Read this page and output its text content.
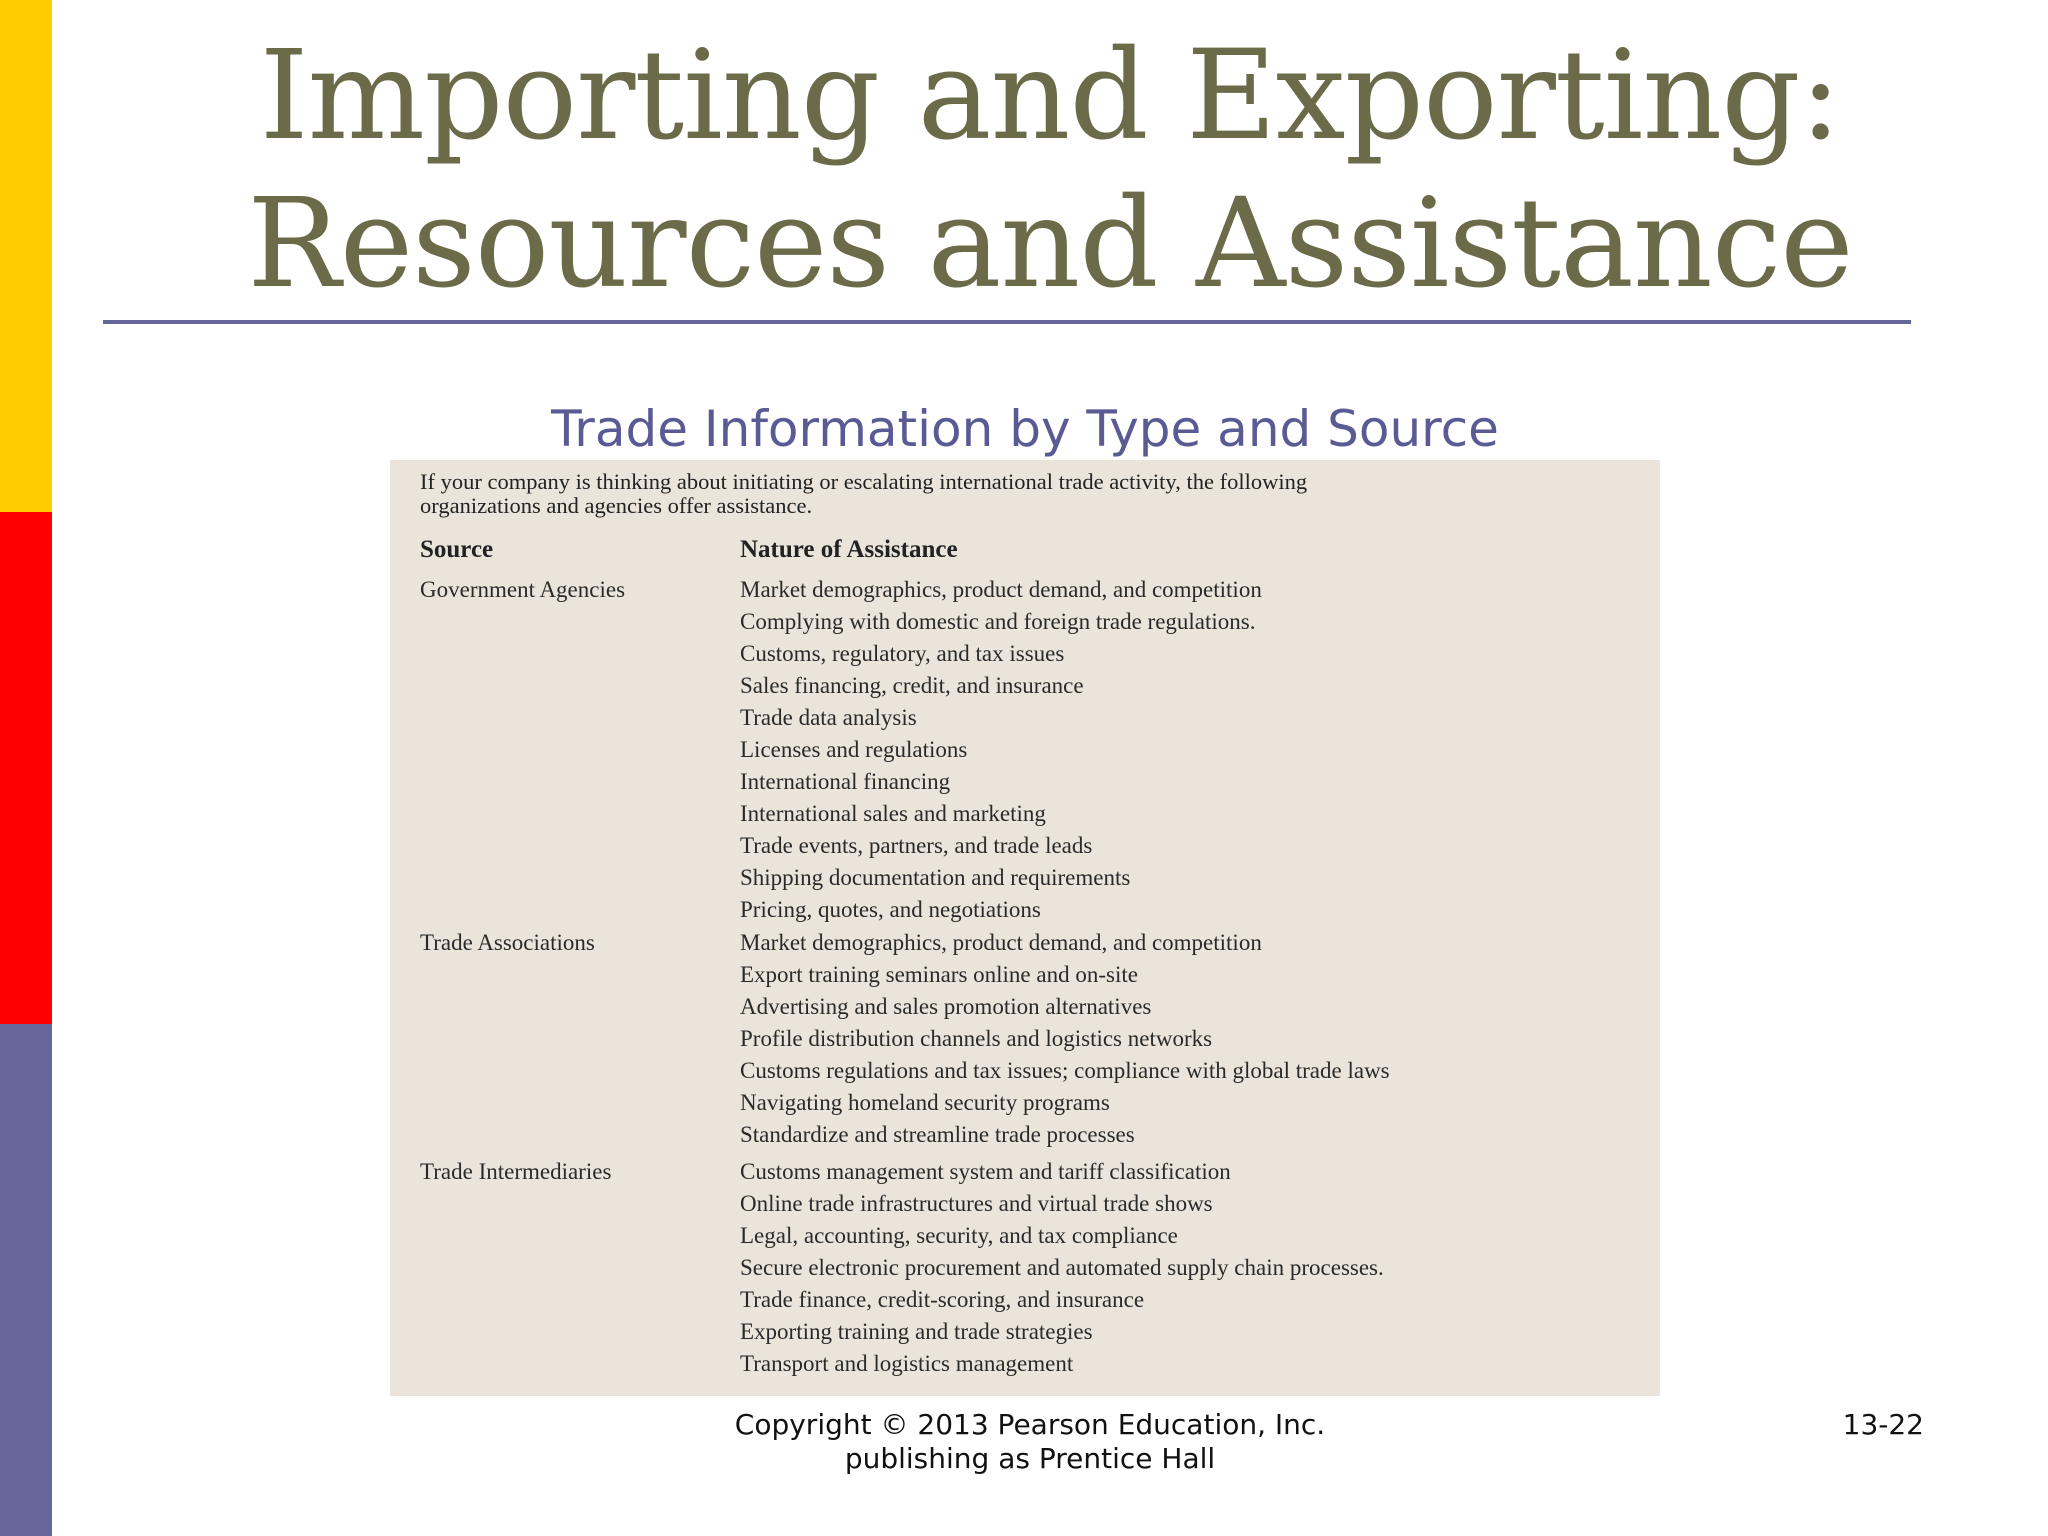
Importing and Exporting:
Resources and Assistance
Trade Information by Type and Source
If your company is thinking about initiating or escalating international trade activity, the following
organizations and agencies offer assistance.
Source	Nature of Assistance
Government Agencies	Market demographics, product demand, and competition
Complying with domestic and foreign trade regulations.
Customs, regulatory, and tax issues
Sales financing, credit, and insurance
Trade data analysis
Licenses and regulations
International financing
International sales and marketing
Trade events, partners, and trade leads
Shipping documentation and requirements
Pricing, quotes, and negotiations
Trade Associations	Market demographics, product demand, and competition
Export training seminars online and on-site
Advertising and sales promotion alternatives
Profile distribution channels and logistics networks
Customs regulations and tax issues; compliance with global trade laws
Navigating homeland security programs
Standardize and streamline trade processes
Trade Intermediaries	Customs management system and tariff classification
Online trade infrastructures and virtual trade shows
Legal, accounting, security, and tax compliance
Secure electronic procurement and automated supply chain processes.
Trade finance, credit-scoring, and insurance
Exporting training and trade strategies
Transport and logistics management
Copyright © 2013 Pearson Education, Inc.
publishing as Prentice Hall
13-22
